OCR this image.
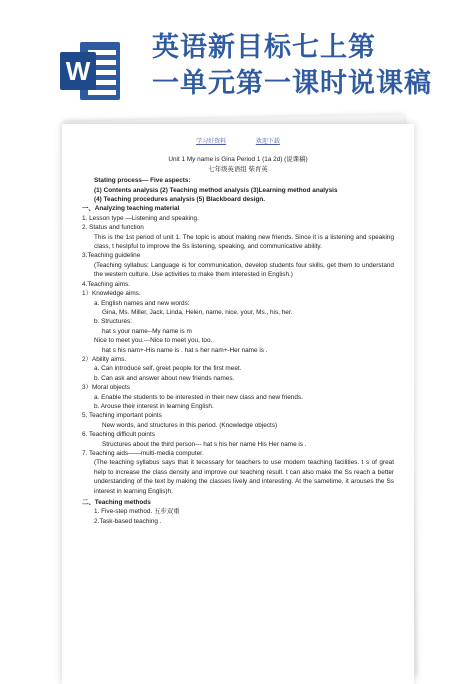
W
英语新目标七上第
一单元第一课时说课稿
学习好资料	欢迎下载
Unit 1 My name is Gina Period 1 (1a 2d) (说课稿)
七年级英语组 柴育英
Stating process— Five aspects:
(1) Contents analysis (2) Teaching method analysis (3)Learning method analysis
(4) Teaching procedures analysis (5) Blackboard design.
一、Analyzing teaching material
1. Lesson type —Listening and speaking.
2. Status and function
This is the 1st period of unit 1. The topic is about making new friends. Since it is a listening and speaking class, t hesIpful to improve the Ss listening, speaking, and communicative ability.
3.Teaching guideline
(Teaching syllabus: Language is for communication, develop students four skills, get them to understand the western culture. Use activities to make them interested in English.)
4.Teaching aims.
1）Knowledge aims.
a. English names and new words:
Gina, Ms. Miller, Jack, Linda, Helen, name, nice, your, Ms., his, her.
b. Structures:
hat s your name--My name is m
Nice to meet you.---Nice to meet you, too.
hat s his nam+-His name is . hat s her nam+-Her name is .
2）Ability aims.
a. Can introduce self, greet people for the first meet.
b. Can ask and answer about new friends names.
3）Moral objects
a. Enable the students to be interested in their new class and new friends.
b. Arouse their interest in learning English.
5. Teaching important points
New words, and structures in this period. (Knowledge objects)
6. Teaching difficult points
Structures about the third person--- hat s his her name His Her name is .
7. Teaching aids——multi-media computer.
(The teaching syllabus says that it tecessary for teachers to use modern teaching facilities. t s of great help to increase the class density and improve our teaching result. t can also make the Ss reach a better understanding of the text by making the classes lively and interesting. At the sametime, it arouses the Ss interest in learning Englis)h.
二、Teaching methods
1. Five-step method. 五步双重
2.Task-based teaching .
